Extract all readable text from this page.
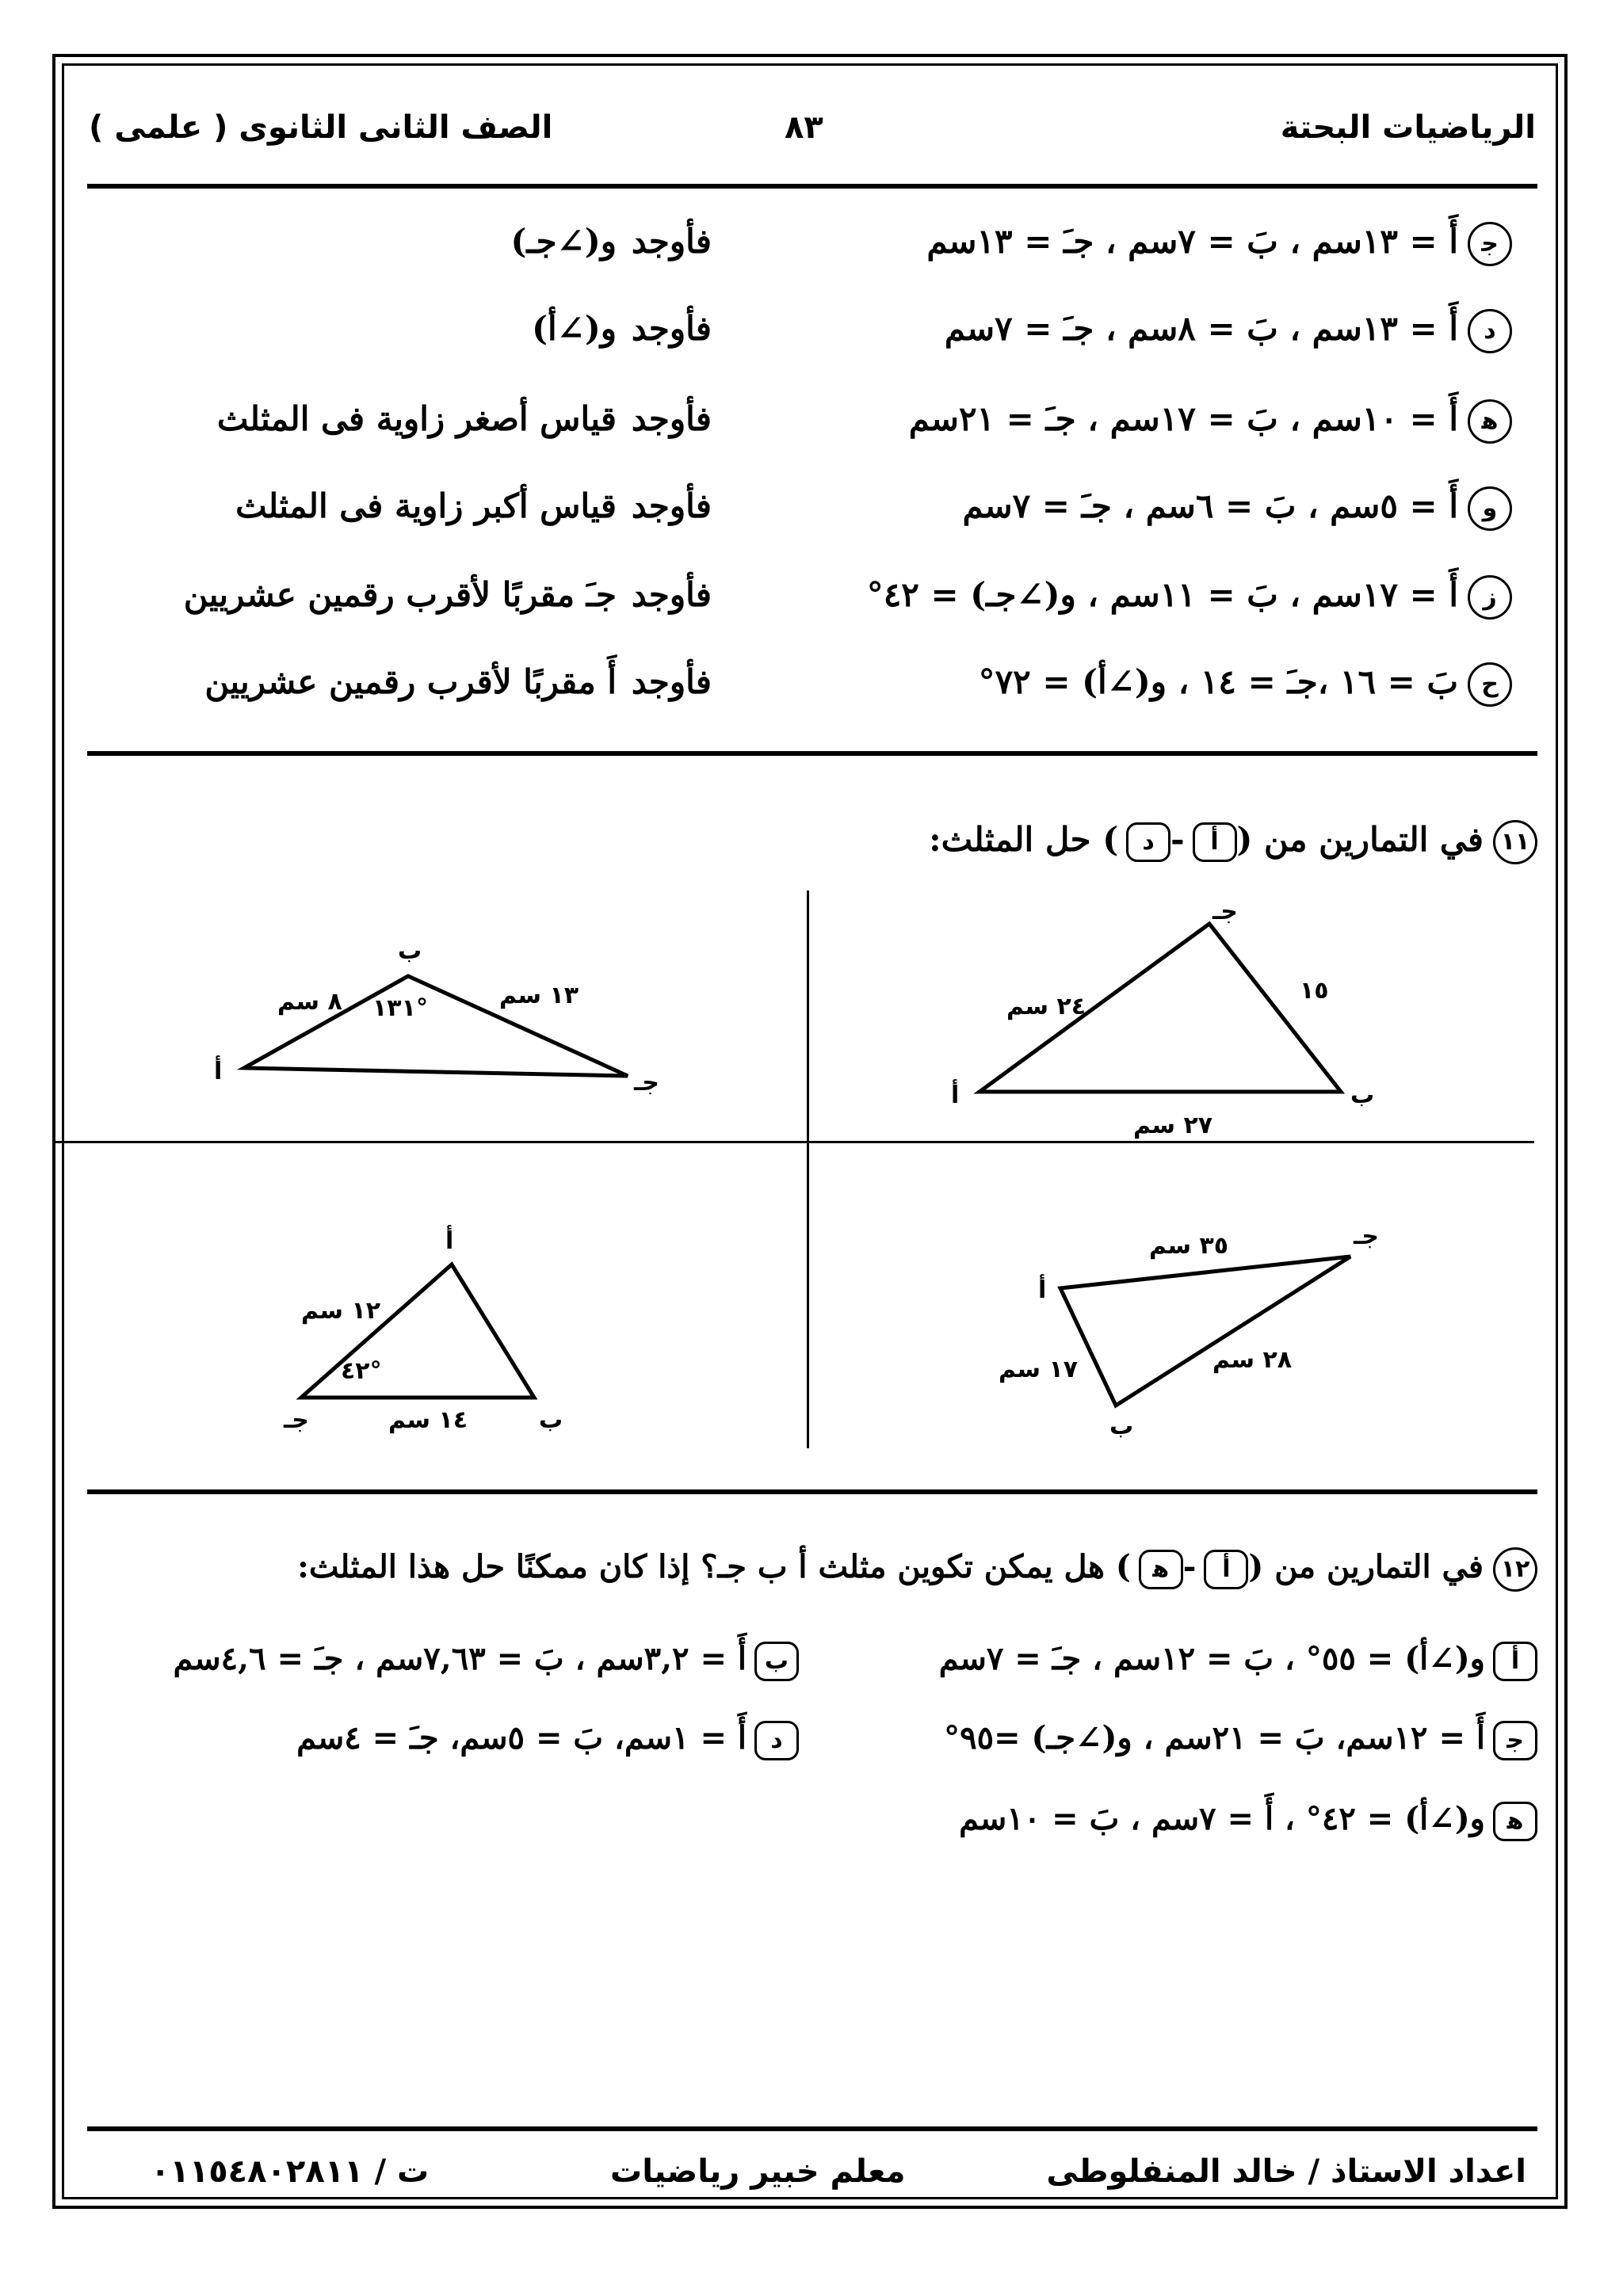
الرياضيات البحتة
٨٣
الصف الثانى الثانوى ( علمى )
ﺟأَ = ١٣سم ، بَ = ٧سم ، جـَ = ١٣سم
فأوجد
ﻭ(∠جـ)
دأَ = ١٣سم ، بَ = ٨سم ، جـَ = ٧سم
فأوجد
ﻭ(∠أ)
ﻫأَ = ١٠سم ، بَ = ١٧سم ، جـَ = ٢١سم
فأوجد
قياس أصغر زاوية فى المثلث
وأَ = ٥سم ، بَ = ٦سم ، جـَ = ٧سم
فأوجد
قياس أكبر زاوية فى المثلث
زأَ = ١٧سم ، بَ = ١١سم ، ﻭ(∠جـ) = ٤٢°
فأوجد
جـَ مقربًا لأقرب رقمين عشريين
حبَ = ١٦ ،جـَ = ١٤ ، ﻭ(∠أ) = ٧٢°
فأوجد
أَ مقربًا لأقرب رقمين عشريين
١١في التمارين من (أ-د) حل المثلث:
جـ
أ	ب
٢٤ سم
١٥
٢٧ سم
ب
أ	جـ
٨ سم	١٣ سم
١٣١°
جـ
أ
ب
٣٥ سم
١٧ سم	٢٨ سم
أ
جـ	ب
١٢ سم
١٤ سم
٤٢°
١٢في التمارين من (أ-ﻫ) هل يمكن تكوين مثلث أ ب جـ؟ إذا كان ممكنًا حل هذا المثلث:
أﻭ(∠أ) = ٥٥° ، بَ = ١٢سم ، جـَ = ٧سم
بأَ = ٣,٢سم ، بَ = ٧,٦٣سم ، جـَ = ٤,٦سم
ﺟأَ = ١٢سم، بَ = ٢١سم ، ﻭ(∠جـ) =٩٥°
دأَ = ١سم، بَ = ٥سم، جـَ = ٤سم
ﻫﻭ(∠أ) = ٤٢° ، أَ = ٧سم ، بَ = ١٠سم
اعداد الاستاذ / خالد المنفلوطى
معلم خبير رياضيات
ت / ٠١١٥٤٨٠٢٨١١
